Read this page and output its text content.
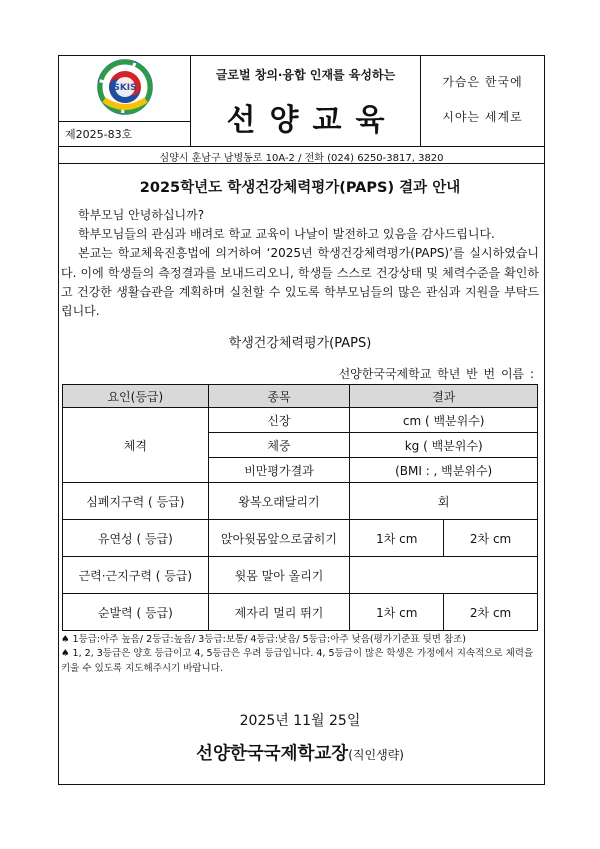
SKIS
제2025-83호
글로벌 창의·융합 인재를 육성하는
선양교육
가슴은 한국에
시야는 세계로
심양시 훈남구 남병동로 10A-2 / 전화 (024) 6250-3817, 3820
2025학년도 학생건강체력평가(PAPS) 결과 안내

학부모님 안녕하십니까?

학부모님들의 관심과 배려로 학교 교육이 나날이 발전하고 있음을 감사드립니다.

본교는 학교체육진흥법에 의거하여 ‘2025년 학생건강체력평가(PAPS)’를 실시하였습니다. 이에 학생들의 측정결과를 보내드리오니, 학생들 스스로 건강상태 및 체력수준을 확인하고 건강한 생활습관을 계획하며 실천할 수 있도록 학부모님들의 많은 관심과 지원을 부탁드립니다.

학생건강체력평가(PAPS)
선양한국국제학교 학년 반 번 이름 :
요인(등급)	종목	결과	
체격	신장	cm ( 백분위수)	
	체중	kg ( 백분위수)	
	비만평가결과	(BMI : , 백분위수)	
심폐지구력 ( 등급)	왕복오래달리기	회	
유연성 ( 등급)	앉아윗몸앞으로굽히기	1차 cm	2차 cm
근력·근지구력 ( 등급)	윗몸 말아 올리기		
순발력 ( 등급)	제자리 멀리 뛰기	1차 cm	2차 cm
♠ 1등급:아주 높음/ 2등급:높음/ 3등급:보통/ 4등급:낮음/ 5등급:아주 낮음(평가기준표 뒷면 참조)
♠ 1, 2, 3등급은 양호 등급이고 4, 5등급은 우려 등급입니다. 4, 5등급이 많은 학생은 가정에서 지속적으로 체력을 키울 수 있도록 지도해주시기 바랍니다.
2025년 11월 25일
선양한국국제학교장(직인생략)
